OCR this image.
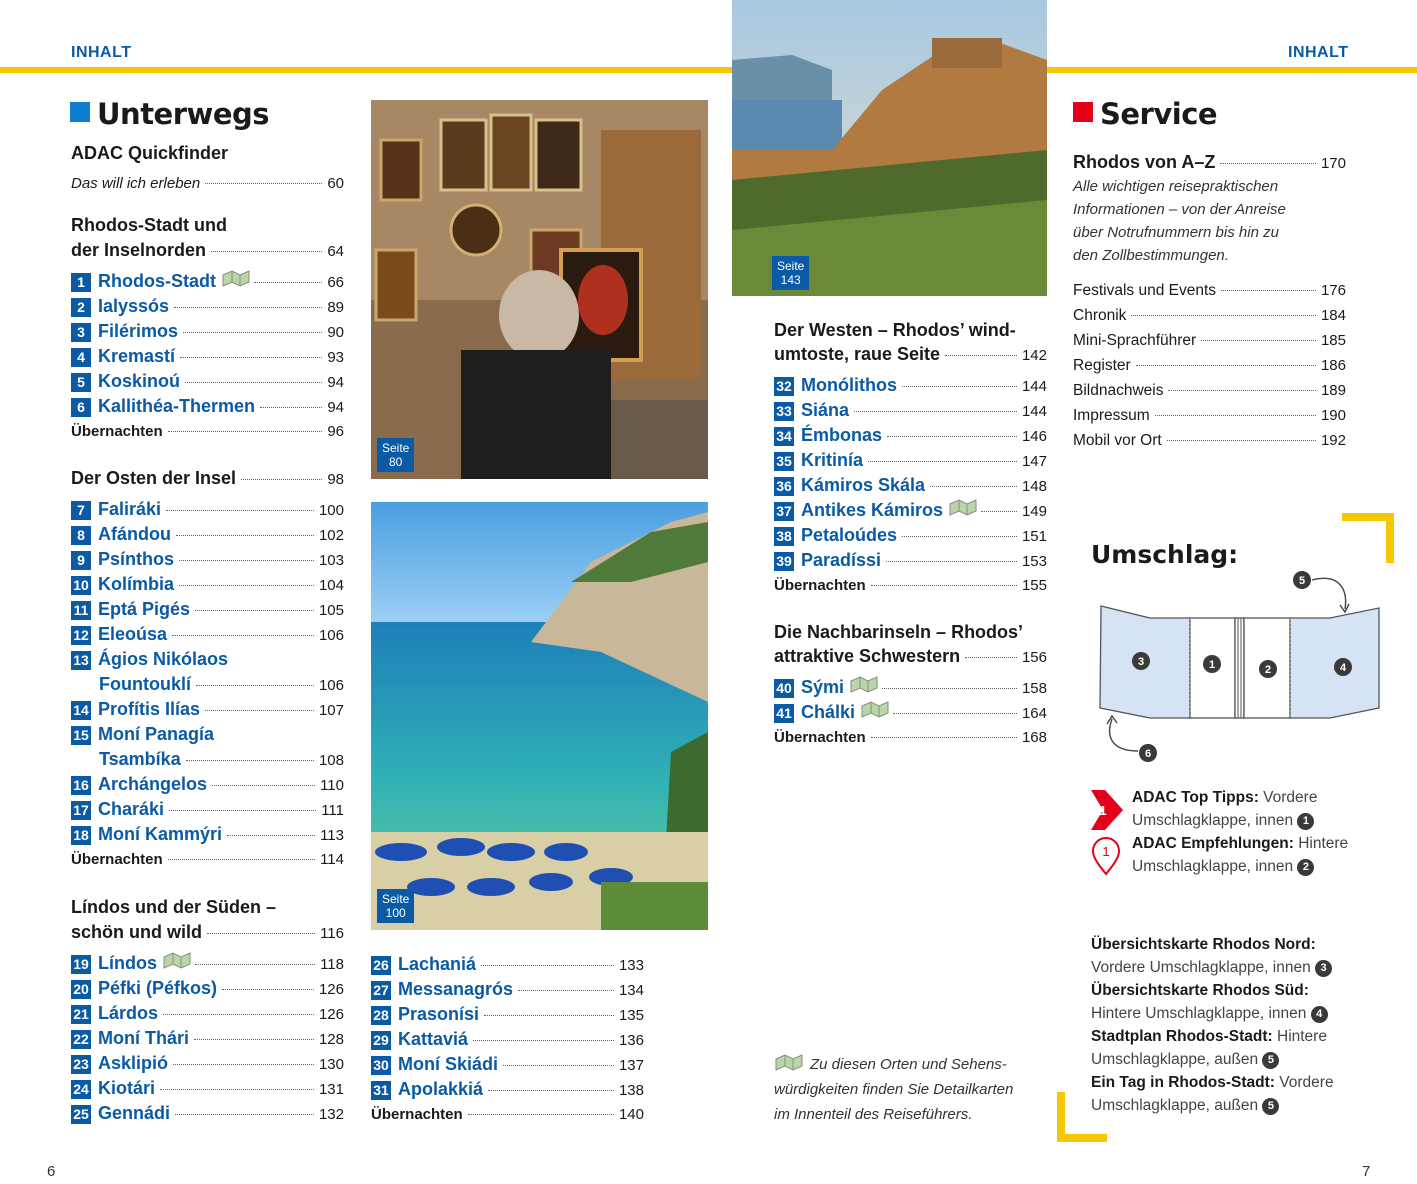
INHALT	INHALT
Unterwegs
ADAC Quickfinder
Das will ich erleben	60
Rhodos-Stadt und
der Inselnorden	64
1 Rhodos-Stadt	66
2 Ialyssós	89
3 Filérimos	90
4 Kremastí	93
5 Koskinoú	94
6 Kallithéa-Thermen	94
Übernachten	96
Der Osten der Insel	98
7 Faliráki	100
8 Afándou	102
9 Psínthos	103
10 Kolímbia	104
11 Eptá Pigés	105
12 Eleoúsa	106
13 Ágios Nikólaos
Fountouklí	106
14 Profítis Ilías	107
15 Moní Panagía
Tsambíka	108
16 Archángelos	110
17 Charáki	111
18 Moní Kammýri	113
Übernachten	114
Líndos und der Süden –
schön und wild	116
19 Líndos	118
20 Péfki (Péfkos)	126
21 Lárdos	126
22 Moní Thári	128
23 Asklipió	130
24 Kiotári	131
25 Gennádi	132
26 Lachaniá	133
27 Messanagrós	134
28 Prasonísi	135
29 Kattaviá	136
30 Moní Skiádi	137
31 Apolakkiá	138
Übernachten	140
Seite
80
Seite
100
Seite
143
Der Westen – Rhodos’ wind-
umtoste, raue Seite	142
32 Monólithos	144
33 Siána	144
34 Émbonas	146
35 Kritinía	147
36 Kámiros Skála	148
37 Antikes Kámiros	149
38 Petaloúdes	151
39 Paradíssi	153
Übernachten	155
Die Nachbarinseln – Rhodos’
attraktive Schwestern	156
40 Sými	158
41 Chálki	164
Übernachten	168
Zu diesen Orten und Sehens-
würdigkeiten finden Sie Detailkarten
im Innenteil des Reiseführers.
Service
Rhodos von A–Z	170
Alle wichtigen reisepraktischen
Informationen – von der Anreise
über Notrufnummern bis hin zu
den Zollbestimmungen.
Festivals und Events	176
Chronik	184
Mini-Sprachführer	185
Register	186
Bildnachweis	189
Impressum	190
Mobil vor Ort	192
Umschlag:
5
3	1	2	4
6
1
ADAC Top Tipps: Vordere
Umschlagklappe, innen 1
1 ADAC Empfehlungen: Hintere
Umschlagklappe, innen 2
Übersichtskarte Rhodos Nord:
Vordere Umschlagklappe, innen 3
Übersichtskarte Rhodos Süd:
Hintere Umschlagklappe, innen 4
Stadtplan Rhodos-Stadt: Hintere
Umschlagklappe, außen 5
Ein Tag in Rhodos-Stadt: Vordere
Umschlagklappe, außen 5
6	7
